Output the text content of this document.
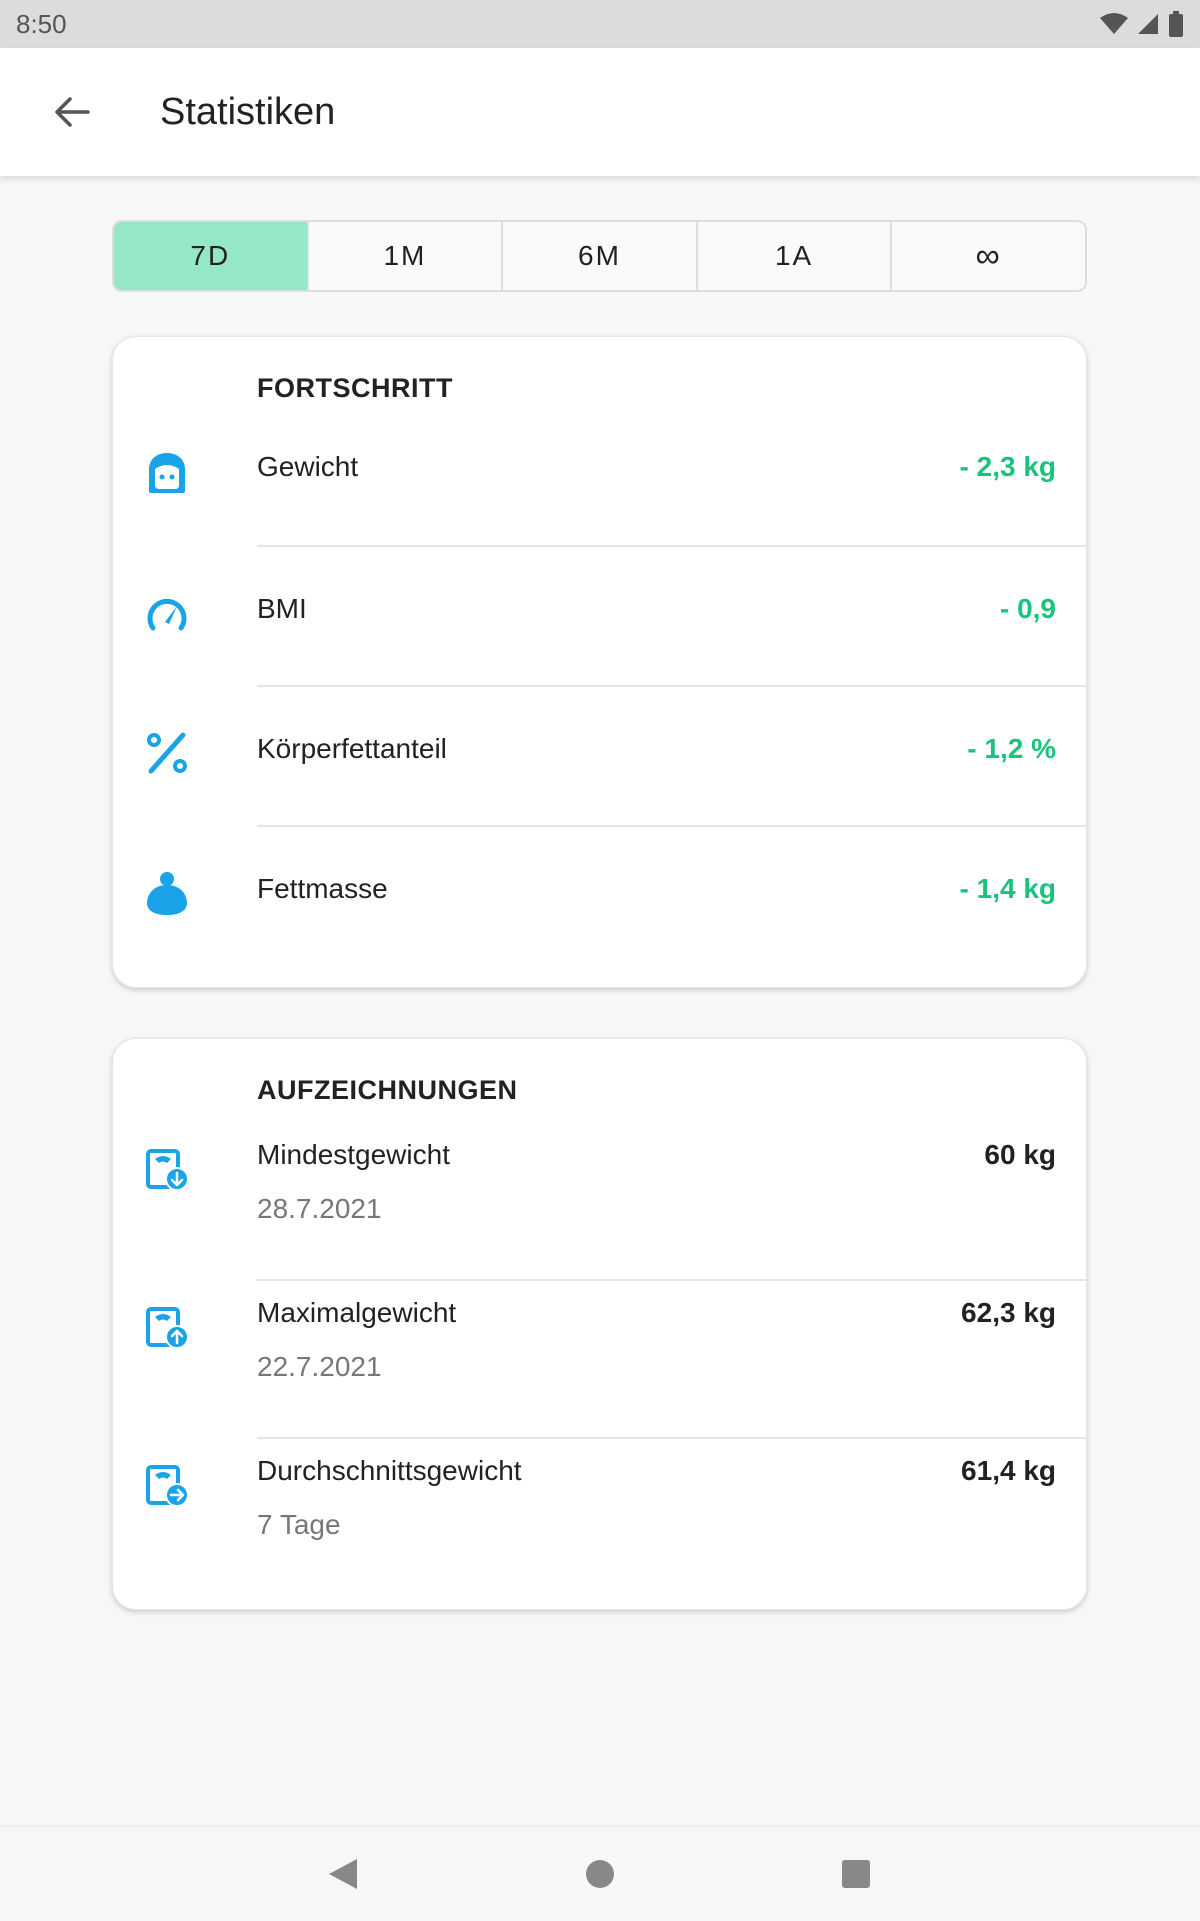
8:50
Statistiken
7D	1M	6M	1A	∞
FORTSCHRITT
Gewicht	- 2,3 kg
BMI	- 0,9
Körperfettanteil	- 1,2 %
Fettmasse	- 1,4 kg
AUFZEICHNUNGEN
Mindestgewicht	60 kg
28.7.2021
Maximalgewicht	62,3 kg
22.7.2021
Durchschnittsgewicht	61,4 kg
7 Tage
